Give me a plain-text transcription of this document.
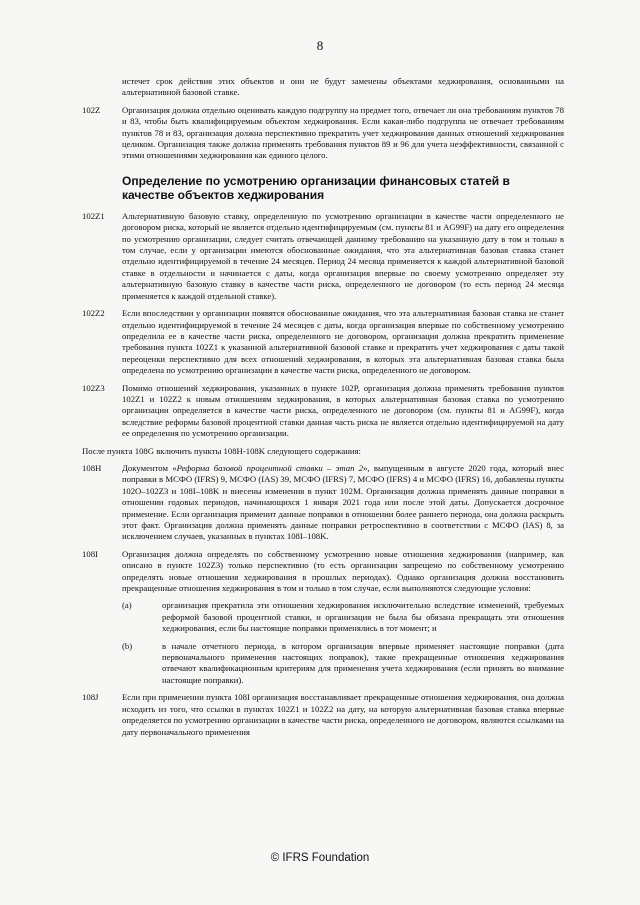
8

истечет срок действия этих объектов и они не будут заменены объектами хеджирования, основанными на альтернативной базовой ставке.

102Z Организация должна отдельно оценивать каждую подгруппу на предмет того, отвечает ли она требованиям пунктов 78 и 83, чтобы быть квалифицируемым объектом хеджирования. Если какая-либо подгруппа не отвечает требованиям пунктов 78 и 83, организация должна перспективно прекратить учет хеджирования данных отношений хеджирования целиком. Организация также должна применять требования пунктов 89 и 96 для учета неэффективности, связанной с этими отношениями хеджирования как единого целого.

Определение по усмотрению организации финансовых статей в качестве объектов хеджирования
102Z1 Альтернативную базовую ставку, определенную по усмотрению организации в качестве части определенного не договором риска, который не является отдельно идентифицируемым (см. пункты 81 и AG99F) на дату его определения по усмотрению организации, следует считать отвечающей данному требованию на указанную дату в том и только в том случае, если у организации имеются обоснованные ожидания, что эта альтернативная базовая ставка станет отдельно идентифицируемой в течение 24 месяцев. Период 24 месяца применяется к каждой альтернативной базовой ставке в отдельности и начинается с даты, когда организация впервые по своему усмотрению определяет эту альтернативную базовую ставку в качестве части риска, определенного не договором (то есть период 24 месяца применяется к каждой отдельной ставке).

102Z2 Если впоследствии у организации появятся обоснованные ожидания, что эта альтернативная базовая ставка не станет отдельно идентифицируемой в течение 24 месяцев с даты, когда организация впервые по собственному усмотрению определила ее в качестве части риска, определенного не договором, организация должна прекратить применение требования пункта 102Z1 к указанной альтернативной базовой ставке и прекратить учет хеджирования с даты такой переоценки перспективно для всех отношений хеджирования, в которых эта альтернативная базовая ставка была определена по усмотрению организации в качестве части риска, определенного не договором.

102Z3 Помимо отношений хеджирования, указанных в пункте 102P, организация должна применять требования пунктов 102Z1 и 102Z2 к новым отношениям хеджирования, в которых альтернативная базовая ставка по усмотрению организации определяется в качестве части риска, определенного не договором (см. пункты 81 и AG99F), когда вследствие реформы базовой процентной ставки данная часть риска не является отдельно идентифицируемой на дату ее определения по усмотрению организации.

После пункта 108G включить пункты 108H-108K следующего содержания:

108H Документом «Реформа базовой процентной ставки – этап 2», выпущенным в августе 2020 года, который внес поправки в МСФО (IFRS) 9, МСФО (IAS) 39, МСФО (IFRS) 7, МСФО (IFRS) 4 и МСФО (IFRS) 16, добавлены пункты 102O–102Z3 и 108I–108K и внесены изменения в пункт 102M. Организация должна применять данные поправки в отношении годовых периодов, начинающихся 1 января 2021 года или после этой даты. Допускается досрочное применение. Если организация применит данные поправки в отношении более раннего периода, она должна раскрыть этот факт. Организация должна применять данные поправки ретроспективно в соответствии с МСФО (IAS) 8, за исключением случаев, указанных в пунктах 108I–108K.

108I	Организация должна определять по собственному усмотрению новые отношения хеджирования (например, как описано в пункте 102Z3) только перспективно (то есть организации запрещено по собственному усмотрению определять новые отношения хеджирования в прошлых периодах). Однако организация должна восстановить прекращенные отношения хеджирования в том и только в том случае, если выполняются следующие условия:

(a)	организация прекратила эти отношения хеджирования исключительно вследствие изменений, требуемых реформой базовой процентной ставки, и организация не была бы обязана прекращать эти отношения хеджирования, если бы настоящие поправки применялись в тот момент; и

(b)	в начале отчетного периода, в котором организация впервые применяет настоящие поправки (дата первоначального применения настоящих поправок), такие прекращенные отношения хеджирования отвечают квалификационным критериям для применения учета хеджирования (если принять во внимание настоящие поправки).

108J	Если при применении пункта 108I организация восстанавливает прекращенные отношения хеджирования, она должна исходить из того, что ссылки в пунктах 102Z1 и 102Z2 на дату, на которую альтернативная базовая ставка впервые определяется по усмотрению организации в качестве части риска, определенного не договором, являются ссылками на дату первоначального применения

© IFRS Foundation
